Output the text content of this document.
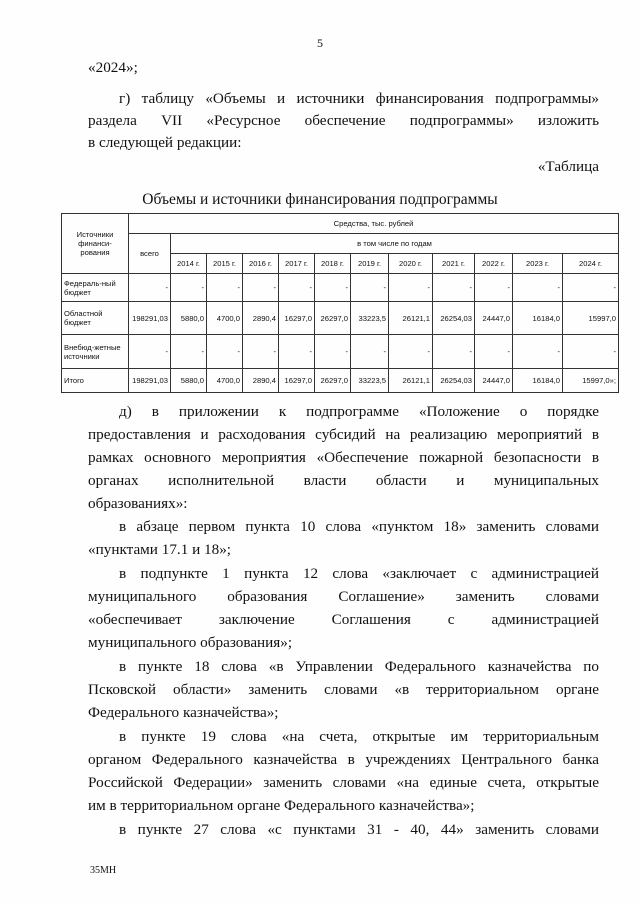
5
«2024»;
г) таблицу «Объемы и источники финансирования подпрограммы»
раздела VII «Ресурсное обеспечение подпрограммы» изложить
в следующей редакции:
«Таблица
Объемы и источники финансирования подпрограммы
Источники финанси-рования	Средства, тыс. рублей											
	всего	в том числе по годам										
		2014 г.	2015 г.	2016 г.	2017 г.	2018 г.	2019 г.	2020 г.	2021 г.	2022 г.	2023 г.	2024 г.
Федераль-ный бюджет	-	-	-	-	-	-	-	-	-	-	-	-
Областной бюджет	198291,03	5880,0	4700,0	2890,4	16297,0	26297,0	33223,5	26121,1	26254,03	24447,0	16184,0	15997,0
Внебюд-жетные источники	-	-	-	-	-	-	-	-	-	-	-	-
Итого	198291,03	5880,0	4700,0	2890,4	16297,0	26297,0	33223,5	26121,1	26254,03	24447,0	16184,0	15997,0»;
д) в приложении к подпрограмме «Положение о порядке
предоставления и расходования субсидий на реализацию мероприятий в
рамках основного мероприятия «Обеспечение пожарной безопасности в
органах исполнительной власти области и муниципальных
образованиях»:
в абзаце первом пункта 10 слова «пунктом 18» заменить словами
«пунктами 17.1 и 18»;
в подпункте 1 пункта 12 слова «заключает с администрацией
муниципального образования Соглашение» заменить словами
«обеспечивает заключение Соглашения с администрацией
муниципального образования»;
в пункте 18 слова «в Управлении Федерального казначейства по
Псковской области» заменить словами «в территориальном органе
Федерального казначейства»;
в пункте 19 слова «на счета, открытые им территориальным
органом Федерального казначейства в учреждениях Центрального банка
Российской Федерации» заменить словами «на единые счета, открытые
им в территориальном органе Федерального казначейства»;
в пункте 27 слова «с пунктами 31 - 40, 44» заменить словами
35МН
